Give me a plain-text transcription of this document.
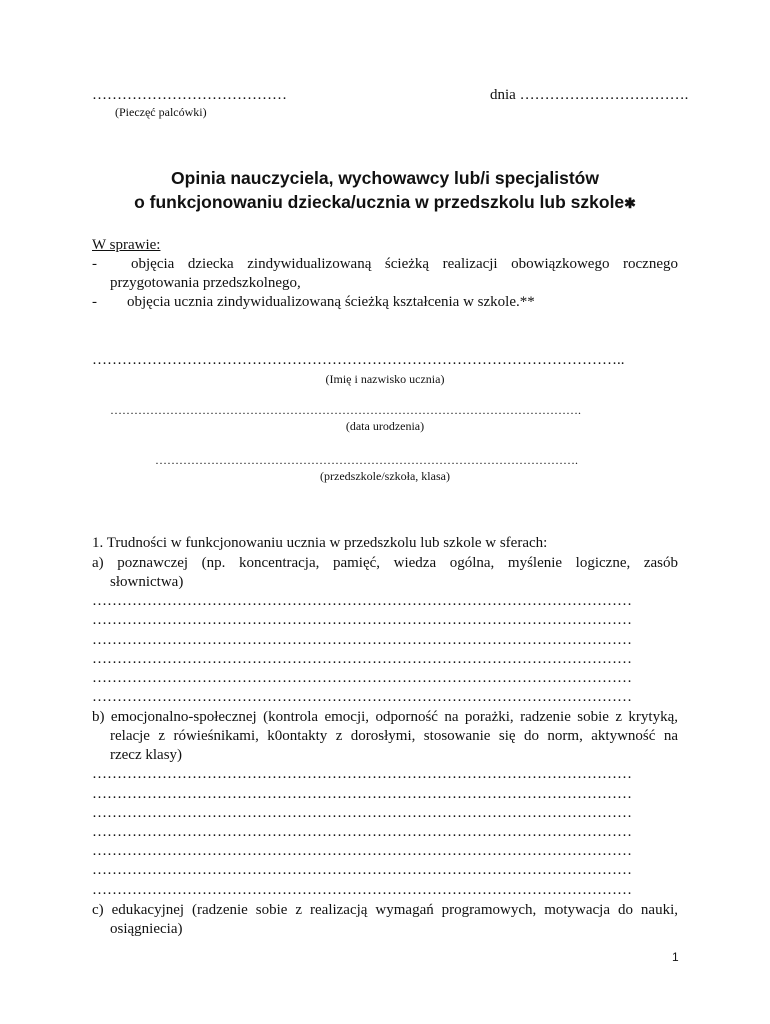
…………………………………
(Pieczęć palcówki)
dnia …………………………….
Opinia nauczyciela, wychowawcy lub/i specjalistów
o funkcjonowaniu dziecka/ucznia w przedszkolu lub szkole✱
W sprawie:
- objęcia dziecka zindywidualizowaną ścieżką realizacji obowiązkowego rocznego
przygotowania przedszkolnego,
- objęcia ucznia zindywidualizowaną ścieżką kształcenia w szkole.**
……………………………………………………………………………………………..
(Imię i nazwisko ucznia)
……………………………………………………………………………………………………….
(data urodzenia)
…………………………………………………………………………………………….
(przedszkole/szkoła, klasa)
1. Trudności w funkcjonowaniu ucznia w przedszkolu lub szkole w sferach:
a) poznawczej (np. koncentracja, pamięć, wiedza ogólna, myślenie logiczne, zasób
słownictwa)
………………………………………………………………………………………………
………………………………………………………………………………………………
………………………………………………………………………………………………
………………………………………………………………………………………………
………………………………………………………………………………………………
………………………………………………………………………………………………
b) emocjonalno-społecznej (kontrola emocji, odporność na porażki, radzenie sobie z krytyką,
relacje z rówieśnikami, k0ontakty z dorosłymi, stosowanie się do norm, aktywność na
rzecz klasy)
………………………………………………………………………………………………
………………………………………………………………………………………………
………………………………………………………………………………………………
………………………………………………………………………………………………
………………………………………………………………………………………………
………………………………………………………………………………………………
………………………………………………………………………………………………
c) edukacyjnej (radzenie sobie z realizacją wymagań programowych, motywacja do nauki,
osiągniecia)
1
